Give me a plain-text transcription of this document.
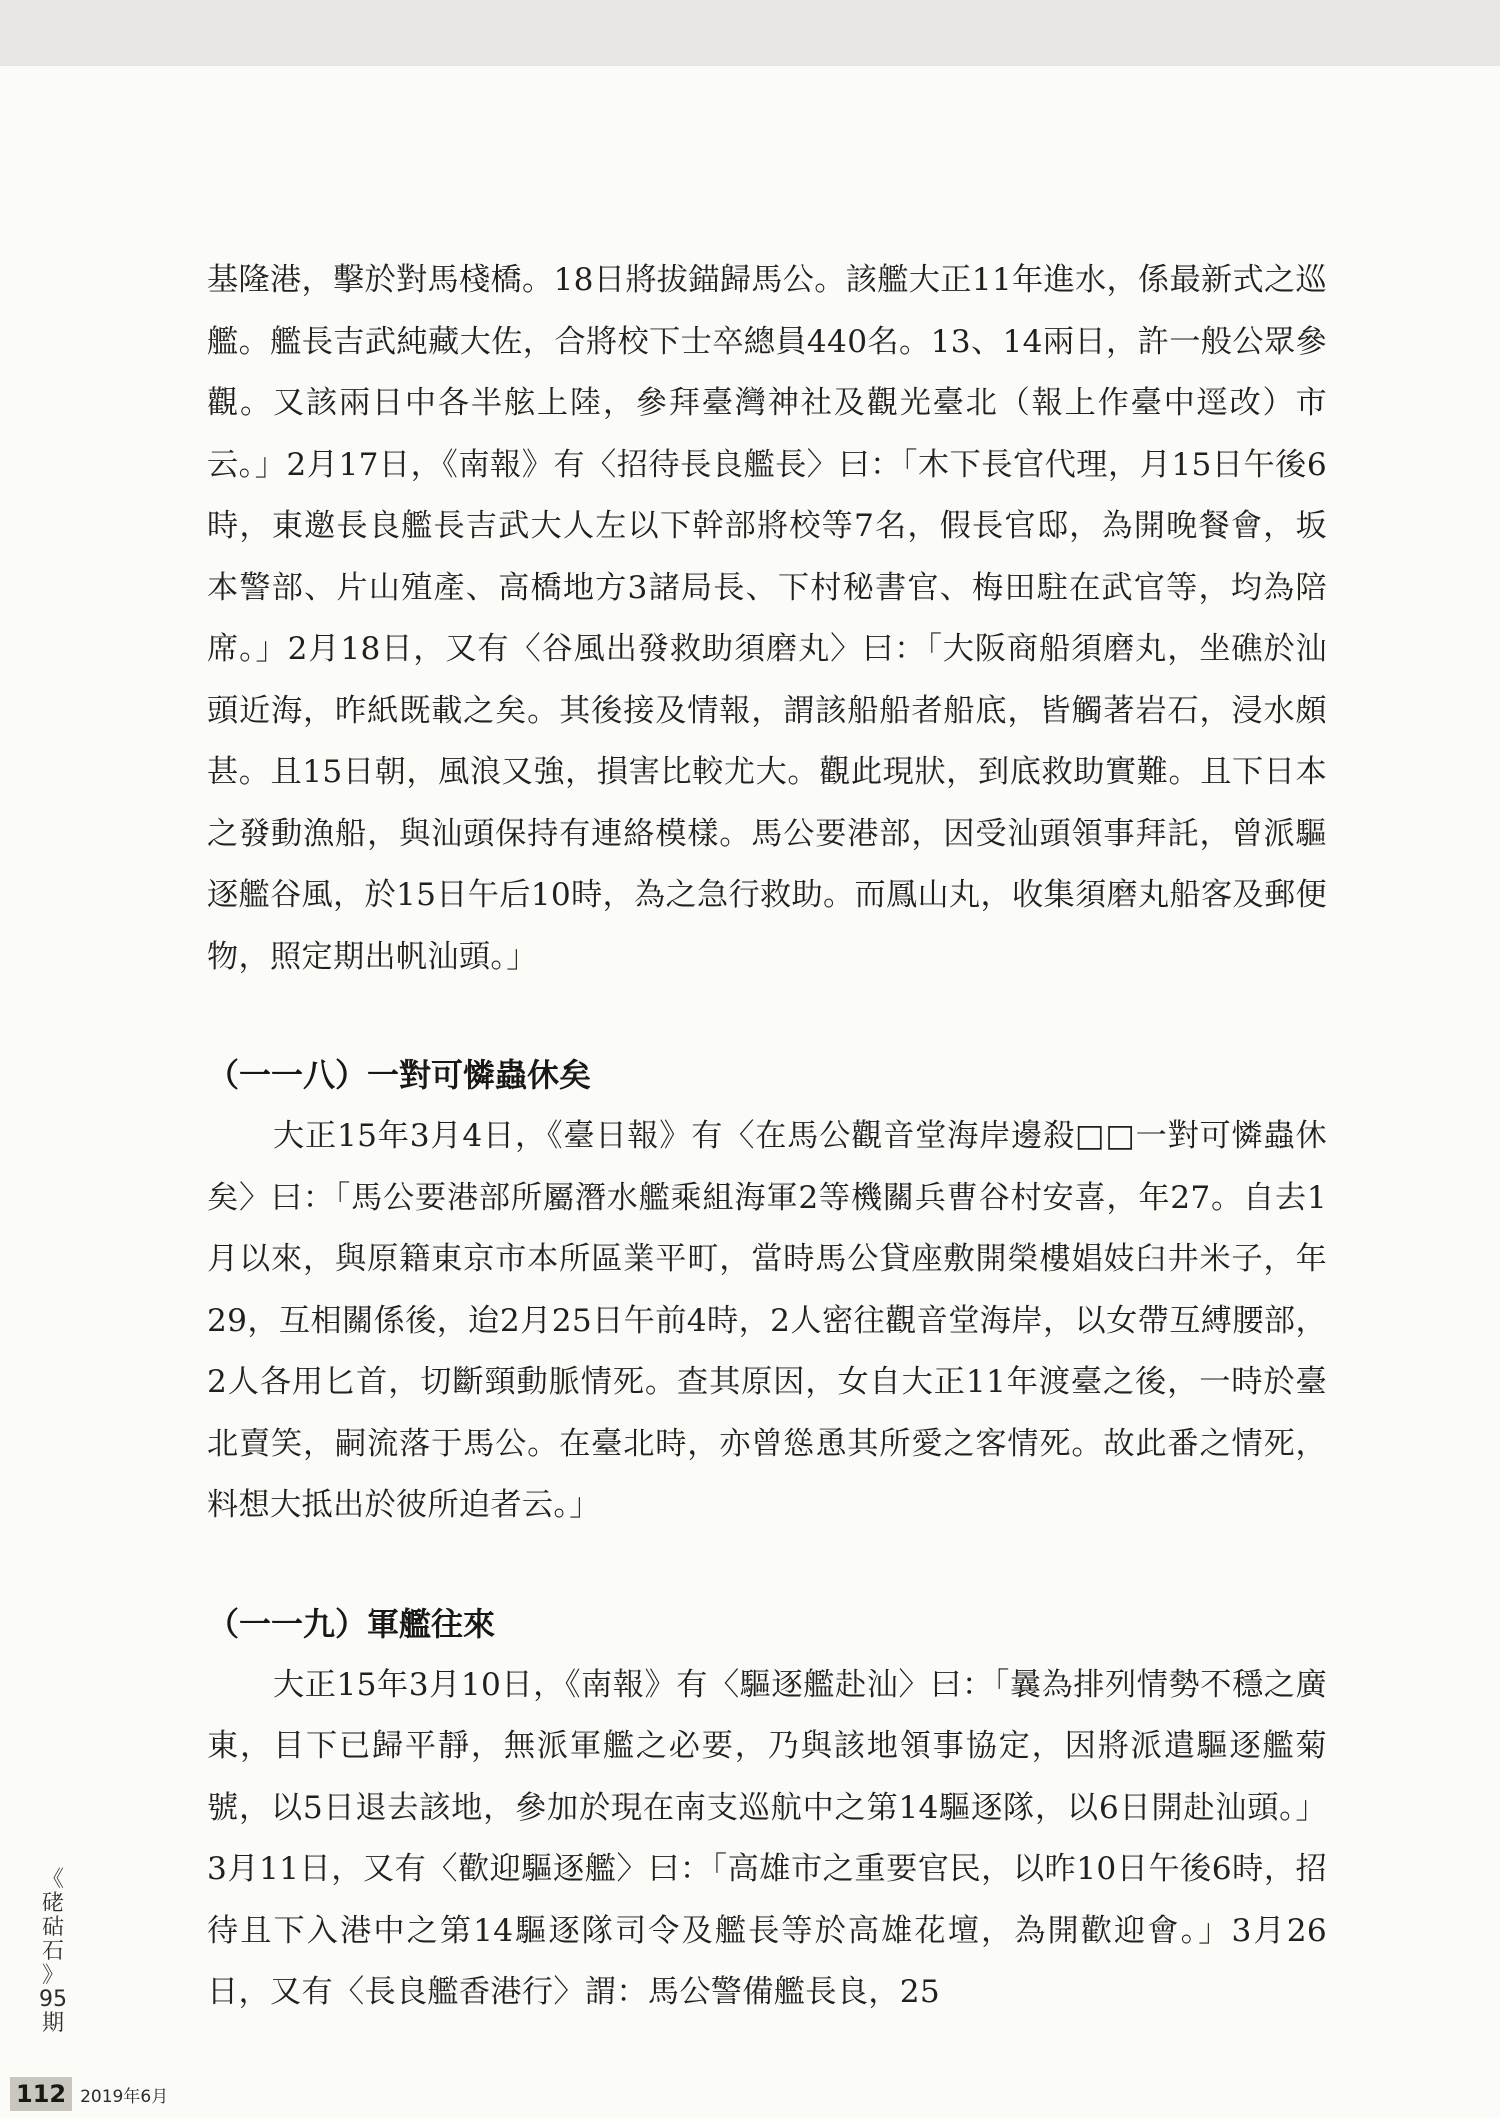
基隆港，擊於對馬棧橋。18日將拔錨歸馬公。該艦大正11年進水，係最新式之巡艦。艦長吉武純藏大佐，合將校下士卒總員440名。13、14兩日，許一般公眾參觀。又該兩日中各半舷上陸，參拜臺灣神社及觀光臺北（報上作臺中逕改）市云。」2月17日，《南報》有〈招待長良艦長〉曰：「木下長官代理，月15日午後6時，東邀長良艦長吉武大人左以下幹部將校等7名，假長官邸，為開晚餐會，坂本警部、片山殖產、高橋地方3諸局長、下村秘書官、梅田駐在武官等，均為陪席。」2月18日，又有〈谷風出發救助須磨丸〉曰：「大阪商船須磨丸，坐礁於汕頭近海，昨紙既載之矣。其後接及情報，謂該船船者船底，皆觸著岩石，浸水頗甚。且15日朝，風浪又強，損害比較尤大。觀此現狀，到底救助實難。且下日本之發動漁船，與汕頭保持有連絡模樣。馬公要港部，因受汕頭領事拜託，曾派驅逐艦谷風，於15日午后10時，為之急行救助。而鳳山丸，收集須磨丸船客及郵便物，照定期出帆汕頭。」

（一一八）一對可憐蟲休矣

大正15年3月4日，《臺日報》有〈在馬公觀音堂海岸邊殺□□一對可憐蟲休矣〉曰：「馬公要港部所屬潛水艦乘組海軍2等機關兵曹谷村安喜，年27。自去1月以來，與原籍東京市本所區業平町，當時馬公貸座敷開榮樓娼妓臼井米子，年29，互相關係後，迨2月25日午前4時，2人密往觀音堂海岸，以女帶互縛腰部，2人各用匕首，切斷頸動脈情死。查其原因，女自大正11年渡臺之後，一時於臺北賣笑，嗣流落于馬公。在臺北時，亦曾慫恿其所愛之客情死。故此番之情死，料想大抵出於彼所迫者云。」

（一一九）軍艦往來

大正15年3月10日，《南報》有〈驅逐艦赴汕〉曰：「曩為排列情勢不穩之廣東，目下已歸平靜，無派軍艦之必要，乃與該地領事協定，因將派遣驅逐艦菊號，以5日退去該地，參加於現在南支巡航中之第14驅逐隊，以6日開赴汕頭。」3月11日，又有〈歡迎驅逐艦〉曰：「高雄市之重要官民，以昨10日午後6時，招待且下入港中之第14驅逐隊司令及艦長等於高雄花壇，為開歡迎會。」3月26日，又有〈長良艦香港行〉謂：馬公警備艦長良，25

《
硓
𥑮
石
》
95
期
112 2019年6月
